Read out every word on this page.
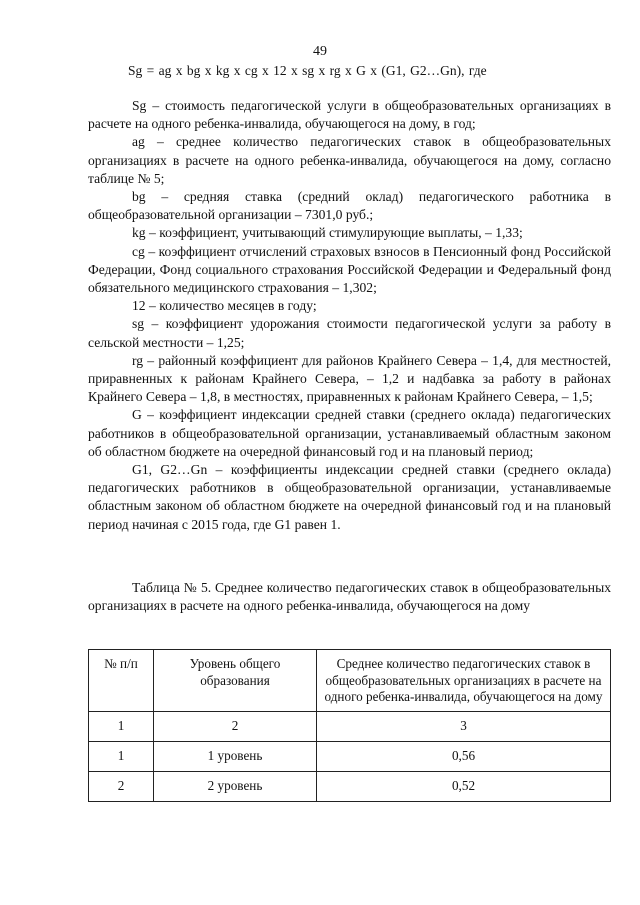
49
Sg = ag x bg x kg x cg x 12 x sg x rg x G x (G1, G2…Gn), где

Sg – стоимость педагогической услуги в общеобразовательных организациях в расчете на одного ребенка-инвалида, обучающегося на дому, в год;

ag – среднее количество педагогических ставок в общеобразовательных организациях в расчете на одного ребенка-инвалида, обучающегося на дому, согласно таблице № 5;

bg – средняя ставка (средний оклад) педагогического работника в общеобразовательной организации – 7301,0 руб.;

kg – коэффициент, учитывающий стимулирующие выплаты, – 1,33;

cg – коэффициент отчислений страховых взносов в Пенсионный фонд Российской Федерации, Фонд социального страхования Российской Федерации и Федеральный фонд обязательного медицинского страхования – 1,302;

12 – количество месяцев в году;

sg – коэффициент удорожания стоимости педагогической услуги за работу в сельской местности – 1,25;

rg – районный коэффициент для районов Крайнего Севера – 1,4, для местностей, приравненных к районам Крайнего Севера, – 1,2 и надбавка за работу в районах Крайнего Севера – 1,8, в местностях, приравненных к районам Крайнего Севера, – 1,5;

G – коэффициент индексации средней ставки (среднего оклада) педагогических работников в общеобразовательной организации, устанавливаемый областным законом об областном бюджете на очередной финансовый год и на плановый период;

G1, G2…Gn – коэффициенты индексации средней ставки (среднего оклада) педагогических работников в общеобразовательной организации, устанавливаемые областным законом об областном бюджете на очередной финансовый год и на плановый период начиная с 2015 года, где G1 равен 1.

Таблица № 5. Среднее количество педагогических ставок в общеобразовательных организациях в расчете на одного ребенка-инвалида, обучающегося на дому

№ п/п	Уровень общего образования	Среднее количество педагогических ставок в общеобразовательных организациях в расчете на одного ребенка-инвалида, обучающегося на дому
1	2	3
1	1 уровень	0,56
2	2 уровень	0,52
